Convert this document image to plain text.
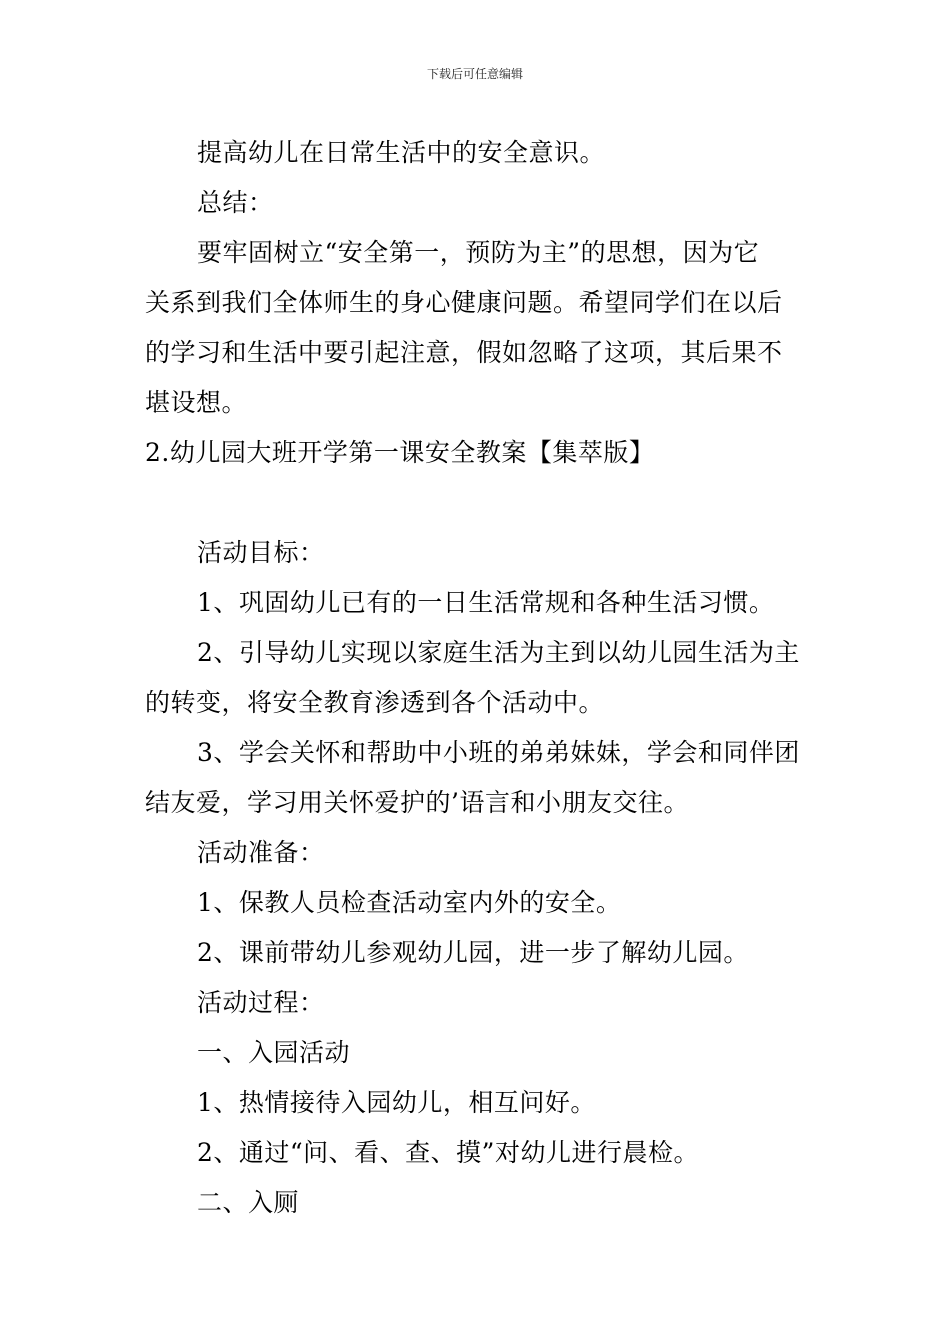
下载后可任意编辑

提高幼儿在日常生活中的安全意识。

总结：

要牢固树立“安全第一，预防为主”的思想，因为它

关系到我们全体师生的身心健康问题。希望同学们在以后

的学习和生活中要引起注意，假如忽略了这项，其后果不

堪设想。

2.幼儿园大班开学第一课安全教案【集萃版】

活动目标：

1、巩固幼儿已有的一日生活常规和各种生活习惯。

2、引导幼儿实现以家庭生活为主到以幼儿园生活为主

的转变，将安全教育渗透到各个活动中。

3、学会关怀和帮助中小班的弟弟妹妹，学会和同伴团

结友爱，学习用关怀爱护的’语言和小朋友交往。

活动准备：

1、保教人员检查活动室内外的安全。

2、课前带幼儿参观幼儿园，进一步了解幼儿园。

活动过程：

一、入园活动

1、热情接待入园幼儿，相互问好。

2、通过“问、看、查、摸”对幼儿进行晨检。

二、入厕
